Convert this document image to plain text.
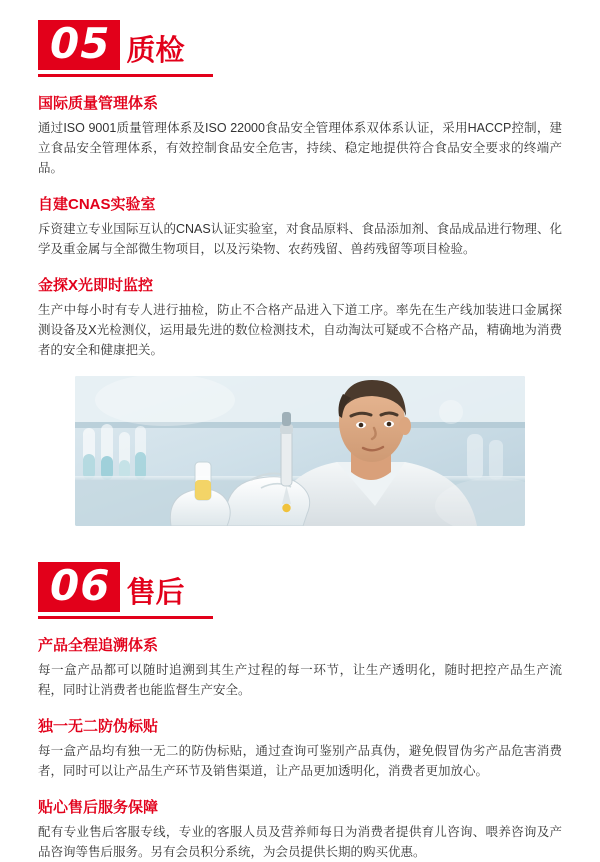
05 质检
国际质量管理体系
通过ISO 9001质量管理体系及ISO 22000食品安全管理体系双体系认证，采用HACCP控制，建立食品安全管理体系，有效控制食品安全危害，持续、稳定地提供符合食品安全要求的终端产品。
自建CNAS实验室
斥资建立专业国际互认的CNAS认证实验室，对食品原料、食品添加剂、食品成品进行物理、化学及重金属与全部微生物项目，以及污染物、农药残留、兽药残留等项目检验。
金探X光即时监控
生产中每小时有专人进行抽检，防止不合格产品进入下道工序。率先在生产线加装进口金属探测设备及X光检测仪，运用最先进的数位检测技术，自动淘汰可疑或不合格产品，精确地为消费者的安全和健康把关。
06 售后
产品全程追溯体系
每一盒产品都可以随时追溯到其生产过程的每一环节，让生产透明化，随时把控产品生产流程，同时让消费者也能监督生产安全。
独一无二防伪标贴
每一盒产品均有独一无二的防伪标贴，通过查询可鉴别产品真伪，避免假冒伪劣产品危害消费者，同时可以让产品生产环节及销售渠道，让产品更加透明化，消费者更加放心。
贴心售后服务保障
配有专业售后客服专线，专业的客服人员及营养师每日为消费者提供育儿咨询、喂养咨询及产品咨询等售后服务。另有会员积分系统，为会员提供长期的购买优惠。
